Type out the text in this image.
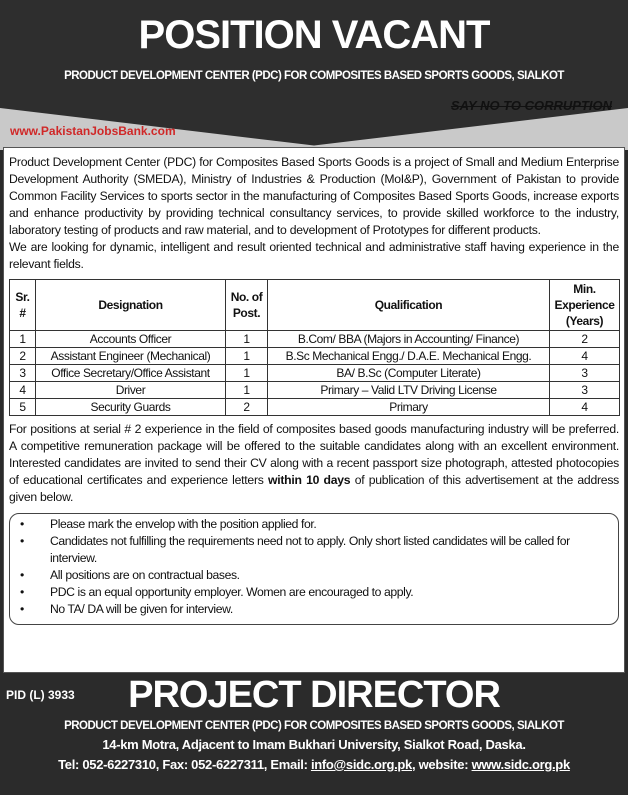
POSITION VACANT
PRODUCT DEVELOPMENT CENTER (PDC) FOR COMPOSITES BASED SPORTS GOODS, SIALKOT
SAY NO TO CORRUPTION
www.PakistanJobsBank.com

Product Development Center (PDC) for Composites Based Sports Goods is a project of Small and Medium Enterprise Development Authority (SMEDA), Ministry of Industries & Production (MoI&P), Government of Pakistan to provide Common Facility Services to sports sector in the manufacturing of Composites Based Sports Goods, increase exports and enhance productivity by providing technical consultancy services, to provide skilled workforce to the industry, laboratory testing of products and raw material, and to development of Prototypes for different products.

We are looking for dynamic, intelligent and result oriented technical and administrative staff having experience in the relevant fields.

Sr. #	Designation	No. of Post.	Qualification	Min. Experience (Years)
1	Accounts Officer	1	B.Com/ BBA (Majors in Accounting/ Finance)	2
2	Assistant Engineer (Mechanical)	1	B.Sc Mechanical Engg./ D.A.E. Mechanical Engg.	4
3	Office Secretary/Office Assistant	1	BA/ B.Sc (Computer Literate)	3
4	Driver	1	Primary – Valid LTV Driving License	3
5	Security Guards	2	Primary	4

For positions at serial # 2 experience in the field of composites based goods manufacturing industry will be preferred. A competitive remuneration package will be offered to the suitable candidates along with an excellent environment. Interested candidates are invited to send their CV along with a recent passport size photograph, attested photocopies of educational certificates and experience letters within 10 days of publication of this advertisement at the address given below.

• Please mark the envelop with the position applied for.
• Candidates not fulfilling the requirements need not to apply. Only short listed candidates will be called for interview.
• All positions are on contractual bases.
• PDC is an equal opportunity employer. Women are encouraged to apply.
• No TA/ DA will be given for interview.
PROJECT DIRECTOR
PRODUCT DEVELOPMENT CENTER (PDC) FOR COMPOSITES BASED SPORTS GOODS, SIALKOT
14-km Motra, Adjacent to Imam Bukhari University, Sialkot Road, Daska.
Tel: 052-6227310, Fax: 052-6227311, Email: info@sidc.org.pk, website: www.sidc.org.pk
PID (L) 3933
